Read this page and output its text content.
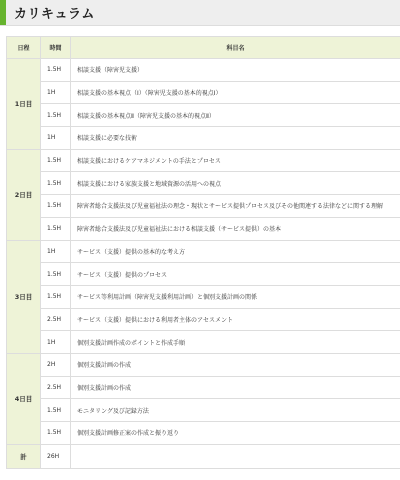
カリキュラム
日程	時間	科目名
1日目	1.5H	相談支援（障害児支援）
	1H	相談支援の基本視点（Ⅰ）（障害児支援の基本的視点Ⅰ）
	1.5H	相談支援の基本視点Ⅱ（障害児支援の基本的視点Ⅱ）
	1H	相談支援に必要な技術
2日目	1.5H	相談支援におけるケアマネジメントの手法とプロセス
	1.5H	相談支援における家族支援と地域資源の活用への視点
	1.5H	障害者総合支援法及び児童福祉法の理念・現状とサービス提供プロセス及びその他関連する法律などに関する理解
	1.5H	障害者総合支援法及び児童福祉法における相談支援（サービス提供）の基本
3日目	1H	サービス（支援）提供の基本的な考え方
	1.5H	サービス（支援）提供のプロセス
	1.5H	サービス等利用計画（障害児支援利用計画）と個別支援計画の関係
	2.5H	サービス（支援）提供における利用者主体のアセスメント
	1H	個別支援計画作成のポイントと作成手順
4日目	2H	個別支援計画の作成
	2.5H	個別支援計画の作成
	1.5H	モニタリング及び記録方法
	1.5H	個別支援計画修正案の作成と振り返り
計	26H	
